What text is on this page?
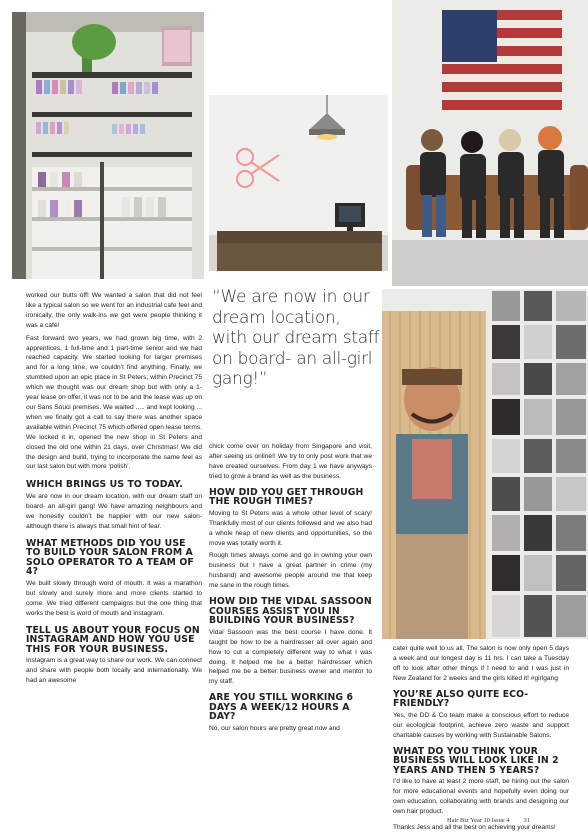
“We are now in our dream location, with our dream staff on board- an all-girl gang!”

worked our butts off! We wanted a salon that did not feel like a typical salon so we went for an industrial cafe feel and ironically, the only walk-ins we got were people thinking it was a café!

Fast forward two years, we had grown big time, with 2 apprentices, 1 full-time and 1 part-time senior and we had reached capacity. We started looking for larger premises and for a long time, we couldn’t find anything. Finally, we stumbled upon an epic place in St Peters, within Precinct 75 which we thought was our dream shop but with only a 1-year lease on offer, it was not to be and the lease was up on our Sans Souci premises. We waited ..... and kept looking ... when we finally got a call to say there was another space available within Precinct 75 which offered open lease terms. We locked it in, opened the new shop in St Peters and closed the old one within 21 days, over Christmas! We did the design and build, trying to incorporate the same feel as our last salon but with more ‘polish’.

WHICH BRINGS US TO TODAY.

We are now in our dream location, with our dream staff on board- an all-girl gang! We have amazing neighbours and we honestly couldn’t be happier with our new salon- although there is always that small hint of fear.

WHAT METHODS DID YOU USE TO BUILD YOUR SALON FROM A SOLO OPERATOR TO A TEAM OF 4?

We built slowly through word of mouth. It was a marathon but slowly and surely more and more clients started to come. We tried different campaigns but the one thing that works the best is word of mouth and instagram.

TELL US ABOUT YOUR FOCUS ON INSTAGRAM AND HOW YOU USE THIS FOR YOUR BUSINESS.

Instagram is a great way to share our work. We can connect and share with people both locally and internationally. We had an awesome

chick come over on holiday from Singapore and visit, after seeing us online!! We try to only post work that we have created ourselves. From day 1 we have anyways tried to grow a brand as well as the business.

HOW DID YOU GET THROUGH THE ROUGH TIMES?

Moving to St Peters was a whole other level of scary! Thankfully most of our clients followed and we also had a whole heap of new clients and opportunities, so the move was totally worth it.

Rough times always come and go in owning your own business but I have a great partner in crime (my husband) and awesome people around me that keep me sane in the rough times.

HOW DID THE VIDAL SASSOON COURSES ASSIST YOU IN BUILDING YOUR BUSINESS?

Vidal Sassoon was the best course I have done. It taught be how to be a hairdresser all over again and how to cut a completely different way to what I was doing. It helped me be a better hairdresser which helped me be a better business owner and mentor to my staff.

ARE YOU STILL WORKING 6 DAYS A WEEK/12 HOURS A DAY?

No, our salon hours are pretty great now and

cater quite well to us all. The salon is now only open 5 days a week and our longest day is 11 hrs. I can take a Tuesday off to look after other things if I need to and I was just in New Zealand for 2 weeks and the girls killed it! #girlgang

YOU’RE ALSO QUITE ECO-FRIENDLY?

Yes, the DD & Co team make a conscious effort to reduce our ecological footprint, achieve zero waste and support charitable causes by working with Sustainable Salons.

WHAT DO YOU THINK YOUR BUSINESS WILL LOOK LIKE IN 2 YEARS AND THEN 5 YEARS?

I’d like to have at least 2 more staff, be hiring out the salon for more educational events and hopefully even doing our own education, collaborating with brands and designing our own hair product.

Thanks Jess and all the best on achieving your dreams!

Hair Biz Year 10 Issue 4 31
